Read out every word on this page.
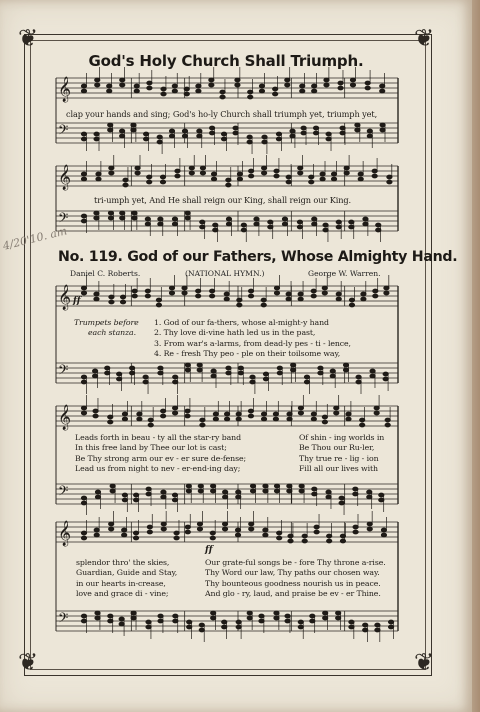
❦	❦
❦	❦
God's Holy Church Shall Triumph.
𝄞
𝄢
𝄞
𝄢
𝄞
𝄢
𝄞
𝄢
𝄞
𝄢
clap your hands and sing; God's ho-ly Church shall triumph yet, triumph yet,
tri-umph yet, And He shall reign our King, shall reign our King.
4/20'10. am
No. 119. God of our Fathers, Whose Almighty Hand.
Daniel C. Roberts.	(NATIONAL HYMN.)	George W. Warren.
Trumpets before
each stanza.
ff
ff
1. God of our fa-thers, whose al-might-y hand
2. Thy love di-vine hath led us in the past,
3. From war's a-larms, from dead-ly pes - ti - lence,
4. Re - fresh Thy peo - ple on their toilsome way,
Leads forth in beau - ty all the star-ry band
In this free land by Thee our lot is cast;
Be Thy strong arm our ev - er sure de-fense;
Lead us from night to nev - er-end-ing day;
Of shin - ing worlds in
Be Thou our Ru-ler,
Thy true re - lig - ion
Fill all our lives with
splendor thro' the skies,
Guardian, Guide and Stay,
in our hearts in-crease,
love and grace di - vine;
Our grate-ful songs be - fore Thy throne a-rise.
Thy Word our law, Thy paths our chosen way.
Thy bounteous goodness nourish us in peace.
And glo - ry, laud, and praise be ev - er Thine.
